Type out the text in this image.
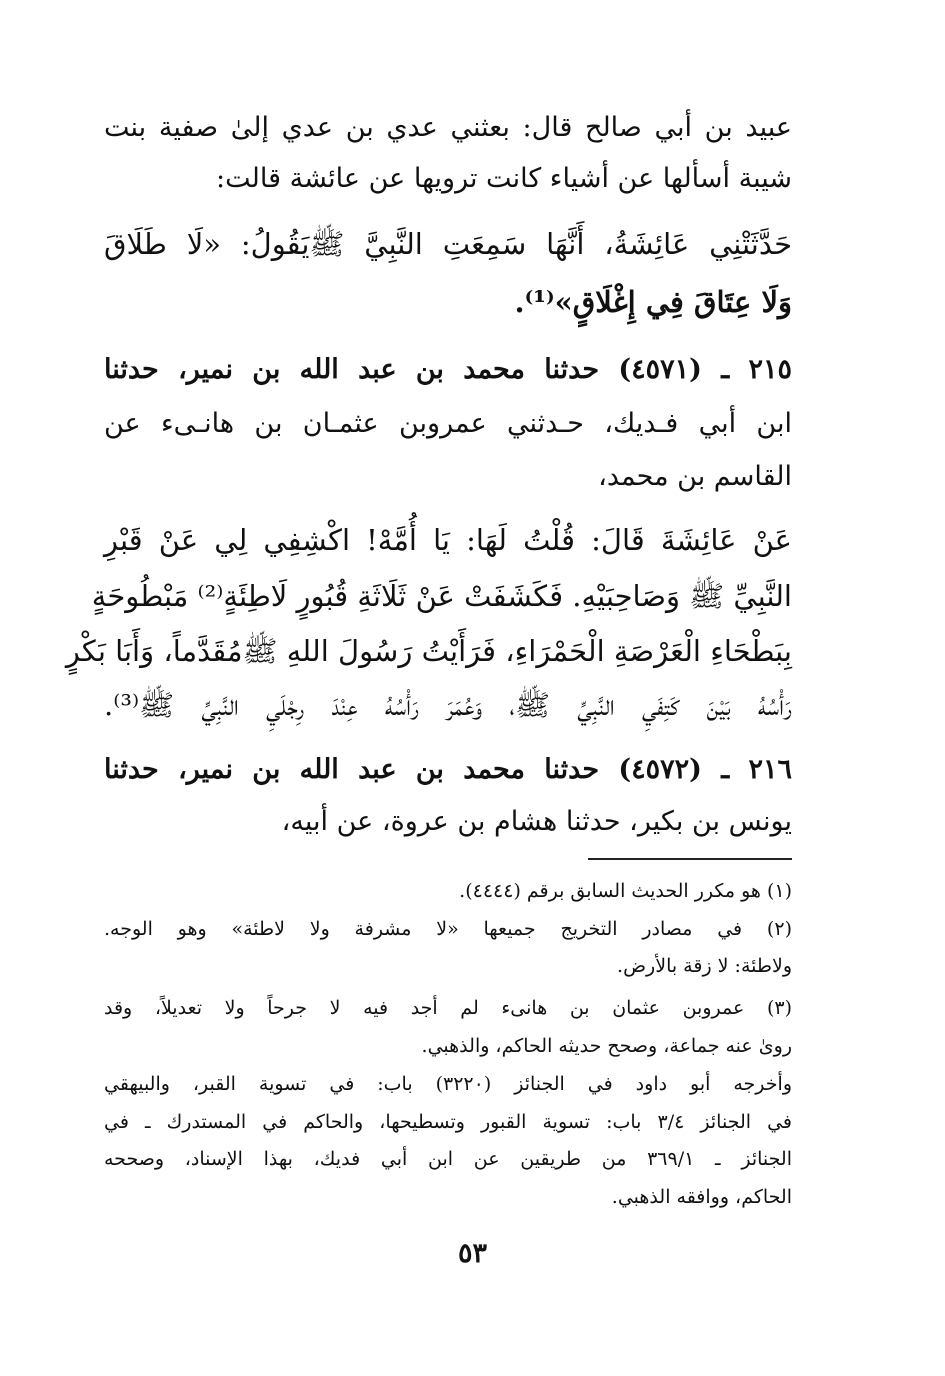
عبيد بن أبي صالح قال: بعثني عدي بن عدي إلىٰ صفية بنت
شيبة أسألها عن أشياء كانت ترويها عن عائشة قالت:
حَدَّثَتْنِي عَائِشَةُ، أَنَّهَا سَمِعَتِ النَّبِيَّ ﷺيَقُولُ: «لَا طَلَاقَ
وَلَا عِتَاقَ فِي إِغْلَاقٍ»⁽¹⁾.
٢١٥ ـ (٤٥٧١) حدثنا محمد بن عبد الله بن نمير، حدثنا
ابن أبي فـديك، حـدثني عمروبن عثمـان بن هانـىء عن
القاسم بن محمد،
عَنْ عَائِشَةَ قَالَ: قُلْتُ لَهَا: يَا أُمَّهْ! اكْشِفِي لِي عَنْ قَبْرِ
النَّبِيِّ ﷺ وَصَاحِبَيْهِ. فَكَشَفَتْ عَنْ ثَلَاثَةِ قُبُورٍ لَاطِئَةٍ⁽²⁾ مَبْطُوحَةٍ
بِبَطْحَاءِ الْعَرْصَةِ الْحَمْرَاءِ، فَرَأَيْتُ رَسُولَ اللهِ ﷺمُقَدَّماً، وَأَبَا بَكْرٍ
رَأْسُهُ بَيْنَ كَتِفَيِ النَّبِيِّ ﷺ، وَعُمَرَ رَأْسُهُ عِنْدَ رِجْلَيِ النَّبِيِّ ﷺ⁽³⁾.
٢١٦ ـ (٤٥٧٢) حدثنا محمد بن عبد الله بن نمير، حدثنا
يونس بن بكير، حدثنا هشام بن عروة، عن أبيه،
(١) هو مكرر الحديث السابق برقم (٤٤٤٤).
(٢) في مصادر التخريج جميعها «لا مشرفة ولا لاطئة» وهو الوجه.
ولاطئة: لا زقة بالأرض.
(٣) عمروبن عثمان بن هانىء لم أجد فيه لا جرحاً ولا تعديلاً، وقد
روىٰ عنه جماعة، وصحح حديثه الحاكم، والذهبي.
وأخرجه أبو داود في الجنائز (٣٢٢٠) باب: في تسوية القبر، والبيهقي
في الجنائز ٣/٤ باب: تسوية القبور وتسطيحها، والحاكم في المستدرك ـ في
الجنائز ـ ٣٦٩/١ من طريقين عن ابن أبي فديك، بهذا الإسناد، وصححه
الحاكم، ووافقه الذهبي.
٥٣
